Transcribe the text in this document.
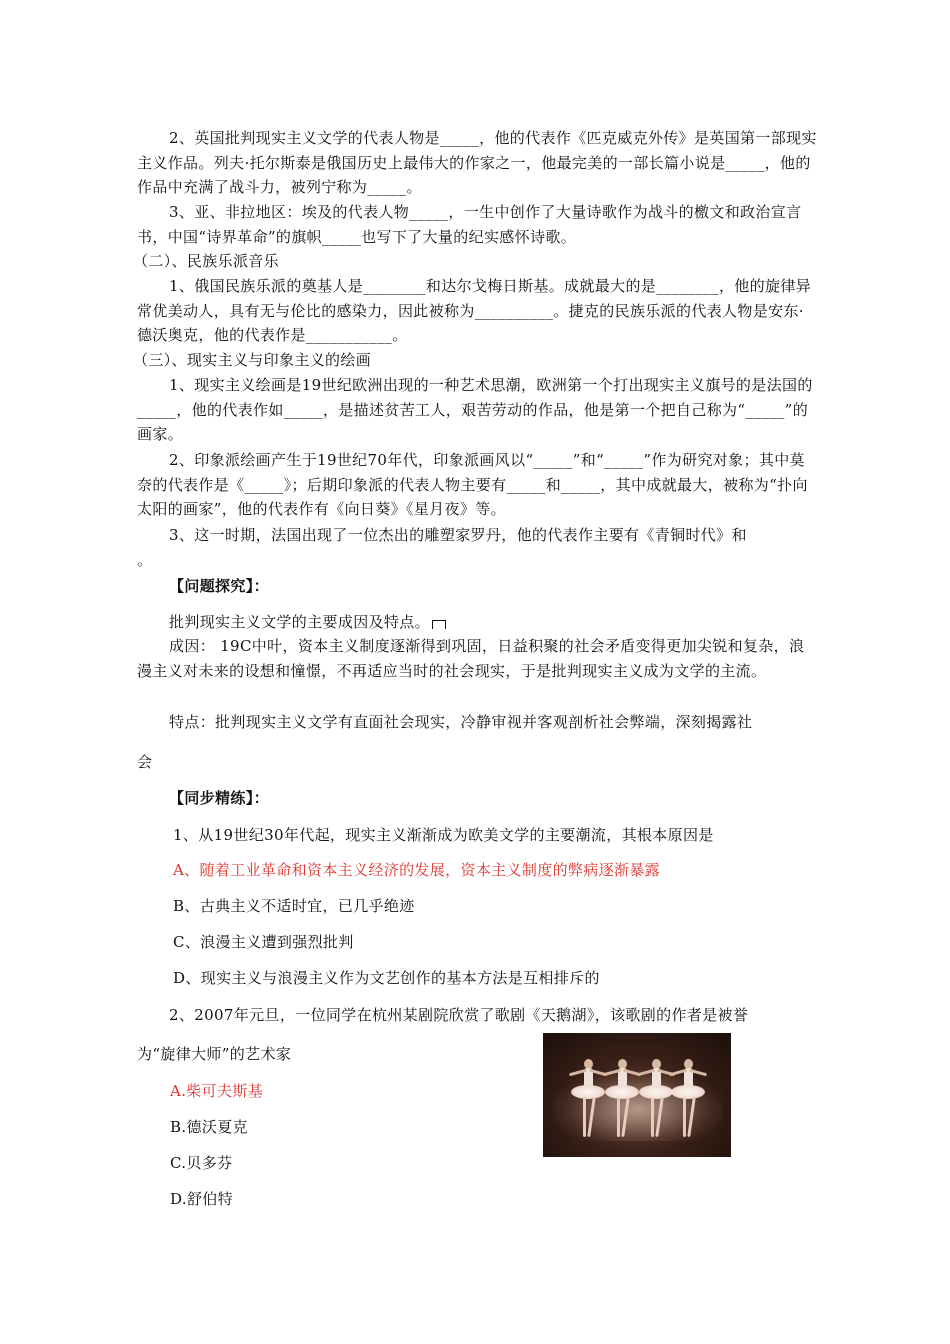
2、英国批判现实主义文学的代表人物是_____，他的代表作《匹克威克外传》是英国第一部现实主义作品。列夫·托尔斯泰是俄国历史上最伟大的作家之一，他最完美的一部长篇小说是_____，他的作品中充满了战斗力，被列宁称为_____。

3、亚、非拉地区：埃及的代表人物_____，一生中创作了大量诗歌作为战斗的檄文和政治宣言书，中国“诗界革命”的旗帜_____也写下了大量的纪实感怀诗歌。

（二）、民族乐派音乐

1、俄国民族乐派的奠基人是________和达尔戈梅日斯基。成就最大的是________，他的旋律异常优美动人，具有无与伦比的感染力，因此被称为__________。捷克的民族乐派的代表人物是安东·德沃奥克，他的代表作是___________。

（三）、现实主义与印象主义的绘画

1、现实主义绘画是19世纪欧洲出现的一种艺术思潮，欧洲第一个打出现实主义旗号的是法国的_____，他的代表作如_____，是描述贫苦工人，艰苦劳动的作品，他是第一个把自己称为“_____”的画家。

2、印象派绘画产生于19世纪70年代，印象派画风以“_____”和“_____”作为研究对象；其中莫奈的代表作是《_____》；后期印象派的代表人物主要有_____和_____，其中成就最大，被称为“扑向太阳的画家”，他的代表作有《向日葵》《星月夜》等。

3、这一时期，法国出现了一位杰出的雕塑家罗丹，他的代表作主要有《青铜时代》和

。

【问题探究】：

批判现实主义文学的主要成因及特点。

成因： 19C中叶，资本主义制度逐渐得到巩固，日益积聚的社会矛盾变得更加尖锐和复杂，浪漫主义对未来的设想和憧憬，不再适应当时的社会现实，于是批判现实主义成为文学的主流。

特点：批判现实主义文学有直面社会现实，冷静审视并客观剖析社会弊端，深刻揭露社

会

【同步精练】：

1、从19世纪30年代起，现实主义渐渐成为欧美文学的主要潮流，其根本原因是

A、随着工业革命和资本主义经济的发展，资本主义制度的弊病逐渐暴露

B、古典主义不适时宜，已几乎绝迹

C、浪漫主义遭到强烈批判

D、现实主义与浪漫主义作为文艺创作的基本方法是互相排斥的

2、2007年元旦，一位同学在杭州某剧院欣赏了歌剧《天鹅湖》，该歌剧的作者是被誉

为“旋律大师”的艺术家

A.柴可夫斯基

B.德沃夏克

C.贝多芬

D.舒伯特
